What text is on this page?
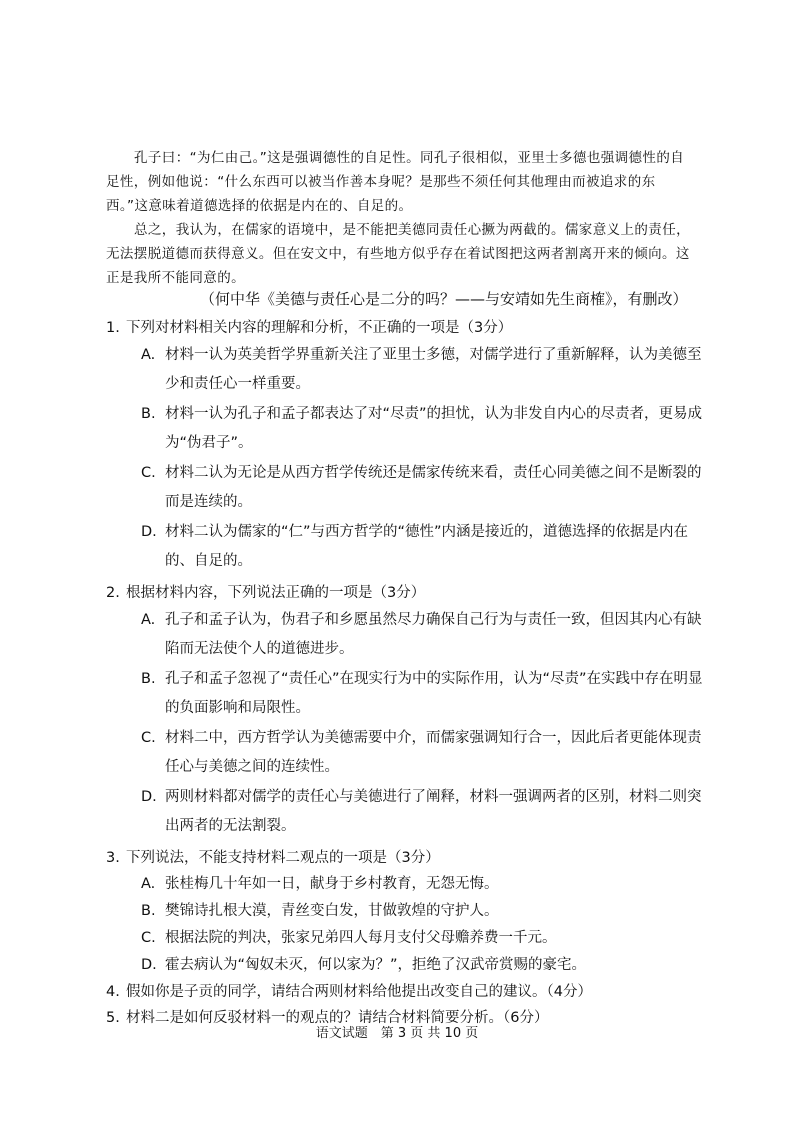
孔子曰：“为仁由己。”这是强调德性的自足性。同孔子很相似，亚里士多德也强调德性的自足性，例如他说：“什么东西可以被当作善本身呢？是那些不须任何其他理由而被追求的东西。”这意味着道德选择的依据是内在的、自足的。

总之，我认为，在儒家的语境中，是不能把美德同责任心撅为两截的。儒家意义上的责任，无法摆脱道德而获得意义。但在安文中，有些地方似乎存在着试图把这两者割离开来的倾向。这正是我所不能同意的。

（何中华《美德与责任心是二分的吗？——与安靖如先生商榷》，有删改）
1. 下列对材料相关内容的理解和分析，不正确的一项是（3分）
A. 材料一认为英美哲学界重新关注了亚里士多德，对儒学进行了重新解释，认为美德至少和责任心一样重要。
B. 材料一认为孔子和孟子都表达了对“尽责”的担忧，认为非发自内心的尽责者，更易成为“伪君子”。
C. 材料二认为无论是从西方哲学传统还是儒家传统来看，责任心同美德之间不是断裂的而是连续的。
D. 材料二认为儒家的“仁”与西方哲学的“德性”内涵是接近的，道德选择的依据是内在的、自足的。
2. 根据材料内容，下列说法正确的一项是（3分）
A. 孔子和孟子认为，伪君子和乡愿虽然尽力确保自己行为与责任一致，但因其内心有缺陷而无法使个人的道德进步。
B. 孔子和孟子忽视了“责任心”在现实行为中的实际作用，认为“尽责”在实践中存在明显的负面影响和局限性。
C. 材料二中，西方哲学认为美德需要中介，而儒家强调知行合一，因此后者更能体现责任心与美德之间的连续性。
D. 两则材料都对儒学的责任心与美德进行了阐释，材料一强调两者的区别，材料二则突出两者的无法割裂。
3. 下列说法，不能支持材料二观点的一项是（3分）
A. 张桂梅几十年如一日，献身于乡村教育，无怨无悔。
B. 樊锦诗扎根大漠，青丝变白发，甘做敦煌的守护人。
C. 根据法院的判决，张家兄弟四人每月支付父母赡养费一千元。
D. 霍去病认为“匈奴未灭，何以家为？”，拒绝了汉武帝赏赐的豪宅。
4. 假如你是子贡的同学，请结合两则材料给他提出改变自己的建议。（4分）
5. 材料二是如何反驳材料一的观点的？请结合材料简要分析。（6分）
语文试题　第 3 页 共 10 页
